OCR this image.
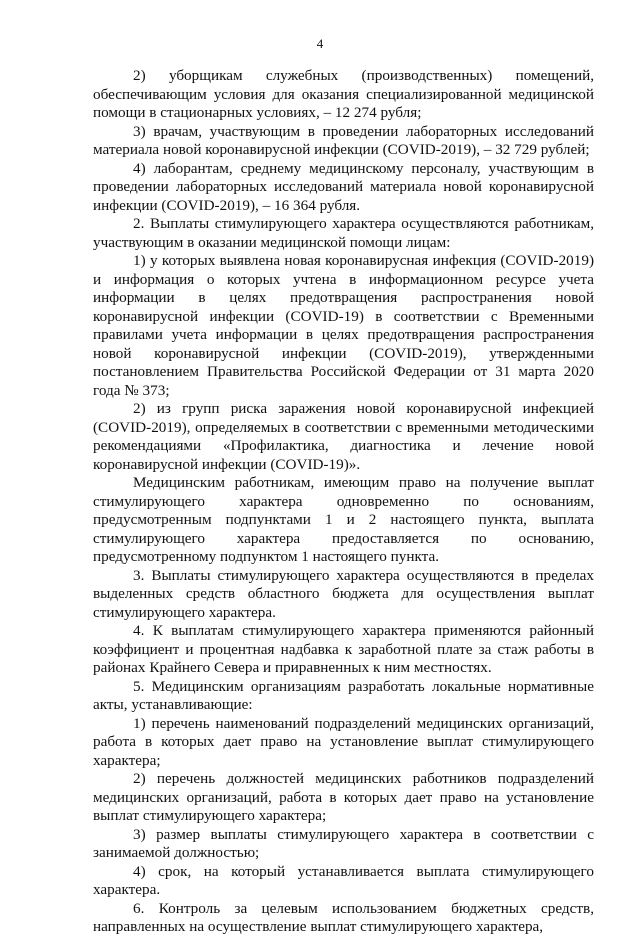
4

2) уборщикам служебных (производственных) помещений, обеспечивающим условия для оказания специализированной медицинской помощи в стационарных условиях, – 12 274 рубля;

3) врачам, участвующим в проведении лабораторных исследований материала новой коронавирусной инфекции (COVID-2019), – 32 729 рублей;

4) лаборантам, среднему медицинскому персоналу, участвующим в проведении лабораторных исследований материала новой коронавирусной инфекции (COVID-2019), – 16 364 рубля.

2. Выплаты стимулирующего характера осуществляются работникам, участвующим в оказании медицинской помощи лицам:

1) у которых выявлена новая коронавирусная инфекция (COVID-2019) и информация о которых учтена в информационном ресурсе учета информации в целях предотвращения распространения новой коронавирусной инфекции (COVID-19) в соответствии с Временными правилами учета информации в целях предотвращения распространения новой коронавирусной инфекции (COVID-2019), утвержденными постановлением Правительства Российской Федерации от 31 марта 2020 года № 373;

2) из групп риска заражения новой коронавирусной инфекцией (COVID-2019), определяемых в соответствии с временными методическими рекомендациями «Профилактика, диагностика и лечение новой коронавирусной инфекции (COVID-19)».

Медицинским работникам, имеющим право на получение выплат стимулирующего характера одновременно по основаниям, предусмотренным подпунктами 1 и 2 настоящего пункта, выплата стимулирующего характера предоставляется по основанию, предусмотренному подпунктом 1 настоящего пункта.

3. Выплаты стимулирующего характера осуществляются в пределах выделенных средств областного бюджета для осуществления выплат стимулирующего характера.

4. К выплатам стимулирующего характера применяются районный коэффициент и процентная надбавка к заработной плате за стаж работы в районах Крайнего Севера и приравненных к ним местностях.

5. Медицинским организациям разработать локальные нормативные акты, устанавливающие:

1) перечень наименований подразделений медицинских организаций, работа в которых дает право на установление выплат стимулирующего характера;

2) перечень должностей медицинских работников подразделений медицинских организаций, работа в которых дает право на установление выплат стимулирующего характера;

3) размер выплаты стимулирующего характера в соответствии с занимаемой должностью;

4) срок, на который устанавливается выплата стимулирующего характера.

6. Контроль за целевым использованием бюджетных средств, направленных на осуществление выплат стимулирующего характера,
